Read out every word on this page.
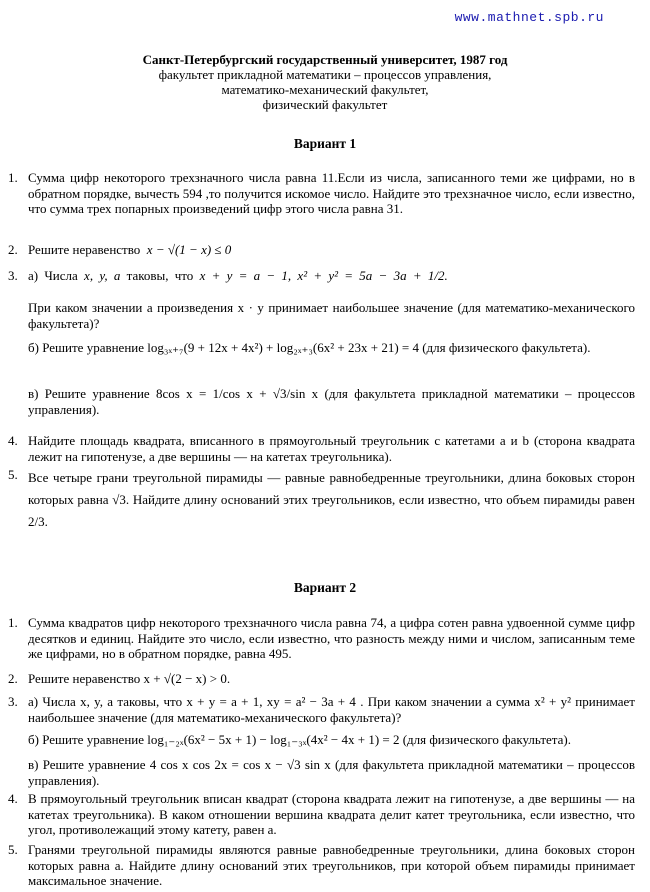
www.mathnet.spb.ru
Санкт-Петербургский государственный университет, 1987 год
факультет прикладной математики – процессов управления,
математико-механический факультет,
физический факультет
Вариант 1
1. Сумма цифр некоторого трехзначного числа равна 11.Если из числа, записанного теми же цифрами, но в обратном порядке, вычесть 594 ,то получится искомое число. Найдите это трехзначное число, если известно, что сумма трех попарных произведений цифр этого числа равна 31.
2. Решите неравенство x − √(1 − x) ≤ 0
3. а) Числа x, y, a таковы, что x + y = a − 1, x² + y² = 5a − 3a + 1/2.
При каком значении a произведения x · y принимает наибольшее значение (для математико-механического факультета)?
б) Решите уравнение log₃ₓ₊₇(9 + 12x + 4x²) + log₂ₓ₊₃(6x² + 23x + 21) = 4 (для физического факультета).
в) Решите уравнение 8cos x = 1/cos x + √3/sin x (для факультета прикладной математики – процессов управления).
4. Найдите площадь квадрата, вписанного в прямоугольный треугольник с катетами a и b (сторона квадрата лежит на гипотенузе, а две вершины — на катетах треугольника).
5. Все четыре грани треугольной пирамиды — равные равнобедренные треугольники, длина боковых сторон которых равна √3. Найдите длину оснований этих треугольников, если известно, что объем пирамиды равен 2/3.
Вариант 2
1. Сумма квадратов цифр некоторого трехзначного числа равна 74, а цифра сотен равна удвоенной сумме цифр десятков и единиц. Найдите это число, если известно, что разность между ними и числом, записанным теме же цифрами, но в обратном порядке, равна 495.
2. Решите неравенство x + √(2 − x) > 0.
3. а) Числа x, y, a таковы, что x + y = a + 1, xy = a² − 3a + 4 . При каком значении a сумма x² + y² принимает наибольшее значение (для математико-механического факультета)?
б) Решите уравнение log₁₋₂ₓ(6x² − 5x + 1) − log₁₋₃ₓ(4x² − 4x + 1) = 2 (для физического факультета).
в) Решите уравнение 4 cos x cos 2x = cos x − √3 sin x (для факультета прикладной математики – процессов управления).
4. В прямоугольный треугольник вписан квадрат (сторона квадрата лежит на гипотенузе, а две вершины — на катетах треугольника). В каком отношении вершина квадрата делит катет треугольника, если известно, что угол, противолежащий этому катету, равен a.
5. Гранями треугольной пирамиды являются равные равнобедренные треугольники, длина боковых сторон которых равна a. Найдите длину оснований этих треугольников, при которой объем пирамиды принимает максимальное значение.
